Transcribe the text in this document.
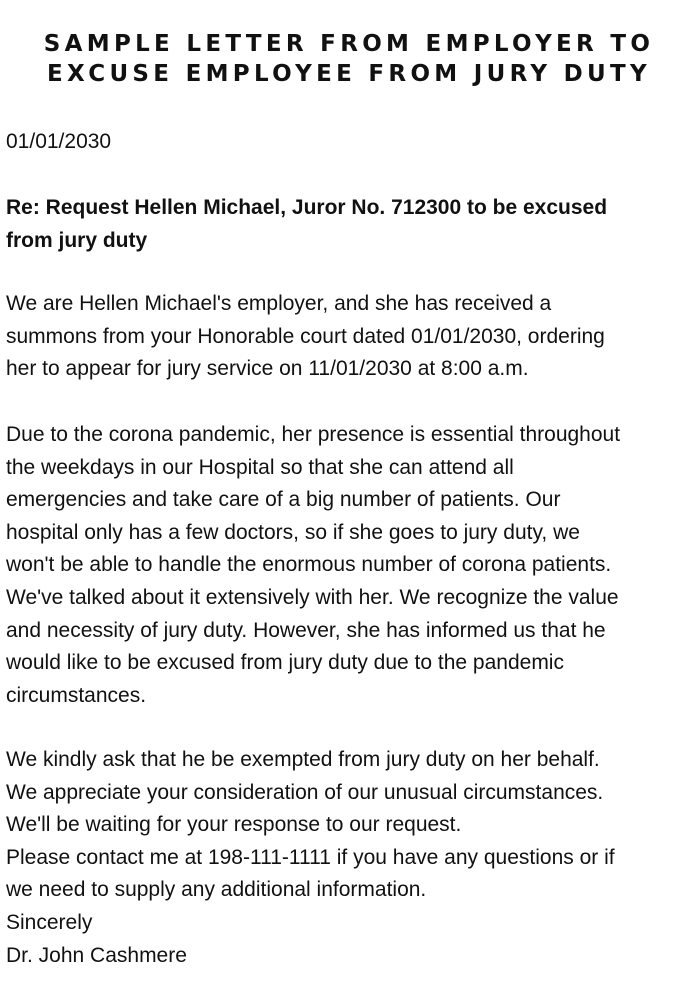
SAMPLE LETTER FROM EMPLOYER TO
EXCUSE EMPLOYEE FROM JURY DUTY
01/01/2030
Re: Request Hellen Michael, Juror No. 712300 to be excused
from jury duty
We are Hellen Michael's employer, and she has received a
summons from your Honorable court dated 01/01/2030, ordering
her to appear for jury service on 11/01/2030 at 8:00 a.m.
Due to the corona pandemic, her presence is essential throughout
the weekdays in our Hospital so that she can attend all
emergencies and take care of a big number of patients. Our
hospital only has a few doctors, so if she goes to jury duty, we
won't be able to handle the enormous number of corona patients.
We've talked about it extensively with her. We recognize the value
and necessity of jury duty. However, she has informed us that he
would like to be excused from jury duty due to the pandemic
circumstances.
We kindly ask that he be exempted from jury duty on her behalf.
We appreciate your consideration of our unusual circumstances.
We'll be waiting for your response to our request.
Please contact me at 198-111-1111 if you have any questions or if
we need to supply any additional information.
Sincerely
Dr. John Cashmere
